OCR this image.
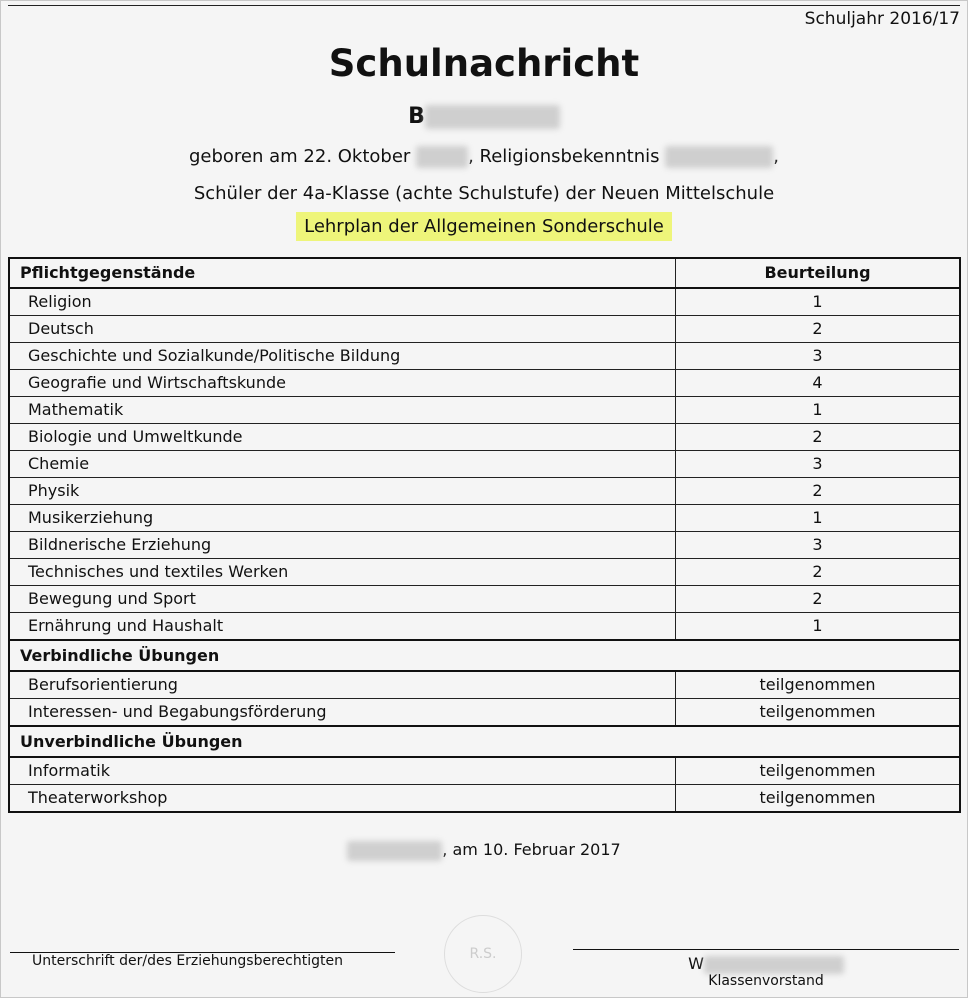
Schuljahr 2016/17
Schulnachricht
B
geboren am 22. Oktober	, Religionsbekenntnis	,
Schüler der 4a-Klasse (achte Schulstufe) der Neuen Mittelschule
Lehrplan der Allgemeinen Sonderschule
Pflichtgegenstände	Beurteilung
Religion	1
Deutsch	2
Geschichte und Sozialkunde/Politische Bildung	3
Geografie und Wirtschaftskunde	4
Mathematik	1
Biologie und Umweltkunde	2
Chemie	3
Physik	2
Musikerziehung	1
Bildnerische Erziehung	3
Technisches und textiles Werken	2
Bewegung und Sport	2
Ernährung und Haushalt	1
Verbindliche Übungen	
Berufsorientierung	teilgenommen
Interessen- und Begabungsförderung	teilgenommen
Unverbindliche Übungen	
Informatik	teilgenommen
Theaterworkshop	teilgenommen
, am 10. Februar 2017
Unterschrift der/des Erziehungsberechtigten	R.S.	W
Klassenvorstand
